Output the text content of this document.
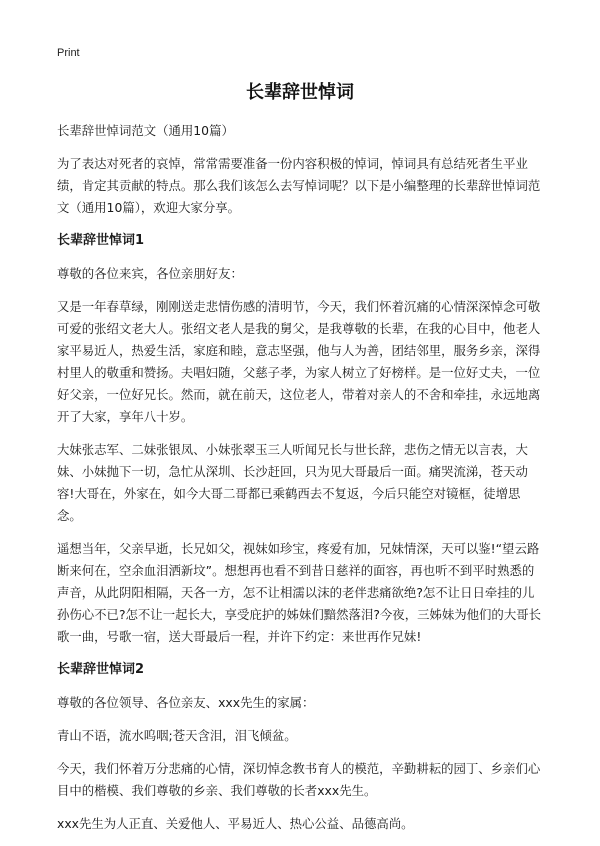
Print
长辈辞世悼词

长辈辞世悼词范文（通用10篇）

为了表达对死者的哀悼，常常需要准备一份内容积极的悼词，悼词具有总结死者生平业绩，肯定其贡献的特点。那么我们该怎么去写悼词呢？以下是小编整理的长辈辞世悼词范文（通用10篇），欢迎大家分享。

长辈辞世悼词1

尊敬的各位来宾，各位亲朋好友：

又是一年春草绿，刚刚送走悲情伤感的清明节，今天，我们怀着沉痛的心情深深悼念可敬可爱的张绍文老大人。张绍文老人是我的舅父，是我尊敬的长辈，在我的心目中，他老人家平易近人，热爱生活，家庭和睦，意志坚强，他与人为善，团结邻里，服务乡亲，深得村里人的敬重和赞扬。夫唱妇随，父慈子孝，为家人树立了好榜样。是一位好丈夫，一位好父亲，一位好兄长。然而，就在前天，这位老人，带着对亲人的不舍和牵挂，永远地离开了大家，享年八十岁。

大妹张志军、二妹张银凤、小妹张翠玉三人听闻兄长与世长辞，悲伤之情无以言表，大妹、小妹抛下一切，急忙从深圳、长沙赶回，只为见大哥最后一面。痛哭流涕，苍天动容!大哥在，外家在，如今大哥二哥都已乘鹤西去不复返，今后只能空对镜框，徒增思念。

遥想当年，父亲早逝，长兄如父，视妹如珍宝，疼爱有加，兄妹情深，天可以鉴!“望云路断来何在，空余血泪洒新坟”。想想再也看不到昔日慈祥的面容，再也听不到平时熟悉的声音，从此阴阳相隔，天各一方，怎不让相濡以沫的老伴悲痛欲绝?怎不让日日牵挂的儿孙伤心不已?怎不让一起长大，享受庇护的姊妹们黯然落泪?今夜，三姊妹为他们的大哥长歌一曲，号歌一宿，送大哥最后一程，并许下约定：来世再作兄妹!

长辈辞世悼词2

尊敬的各位领导、各位亲友、xxx先生的家属：

青山不语，流水呜咽;苍天含泪，泪飞倾盆。

今天，我们怀着万分悲痛的心情，深切悼念教书育人的模范，辛勤耕耘的园丁、乡亲们心目中的楷模、我们尊敬的乡亲、我们尊敬的长者xxx先生。

xxx先生为人正直、关爱他人、平易近人、热心公益、品德高尚。
